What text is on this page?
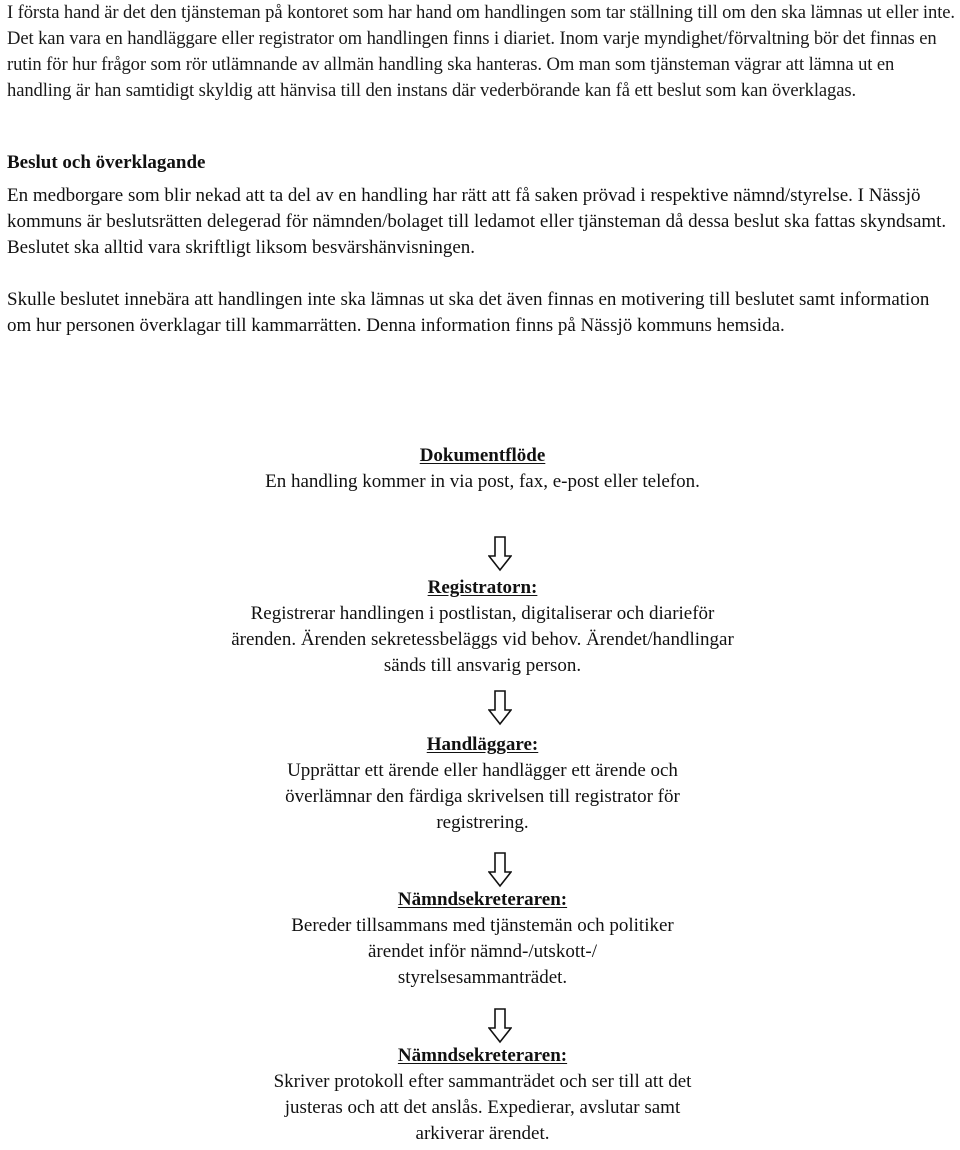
I första hand är det den tjänsteman på kontoret som har hand om handlingen som tar ställning till om den ska lämnas ut eller inte. Det kan vara en handläggare eller registrator om handlingen finns i diariet. Inom varje myndighet/förvaltning bör det finnas en rutin för hur frågor som rör utlämnande av allmän handling ska hanteras. Om man som tjänsteman vägrar att lämna ut en handling är han samtidigt skyldig att hänvisa till den instans där vederbörande kan få ett beslut som kan överklagas.

Beslut och överklagande

En medborgare som blir nekad att ta del av en handling har rätt att få saken prövad i respektive nämnd/styrelse. I Nässjö kommuns är beslutsrätten delegerad för nämnden/bolaget till ledamot eller tjänsteman då dessa beslut ska fattas skyndsamt. Beslutet ska alltid vara skriftligt liksom besvärshänvisningen.

Skulle beslutet innebära att handlingen inte ska lämnas ut ska det även finnas en motivering till beslutet samt information om hur personen överklagar till kammarrätten. Denna information finns på Nässjö kommuns hemsida.

Dokumentflöde
En handling kommer in via post, fax, e-post eller telefon.
Registratorn:
Registrerar handlingen i postlistan, digitaliserar och diarieför ärenden. Ärenden sekretessbeläggs vid behov. Ärendet/handlingar sänds till ansvarig person.
Handläggare:
Upprättar ett ärende eller handlägger ett ärende och överlämnar den färdiga skrivelsen till registrator för registrering.
Nämndsekreteraren:
Bereder tillsammans med tjänstemän och politiker ärendet inför nämnd-/utskott-/ styrelsesammanträdet.
Nämndsekreteraren:
Skriver protokoll efter sammanträdet och ser till att det justeras och att det anslås. Expedierar, avslutar samt arkiverar ärendet.
